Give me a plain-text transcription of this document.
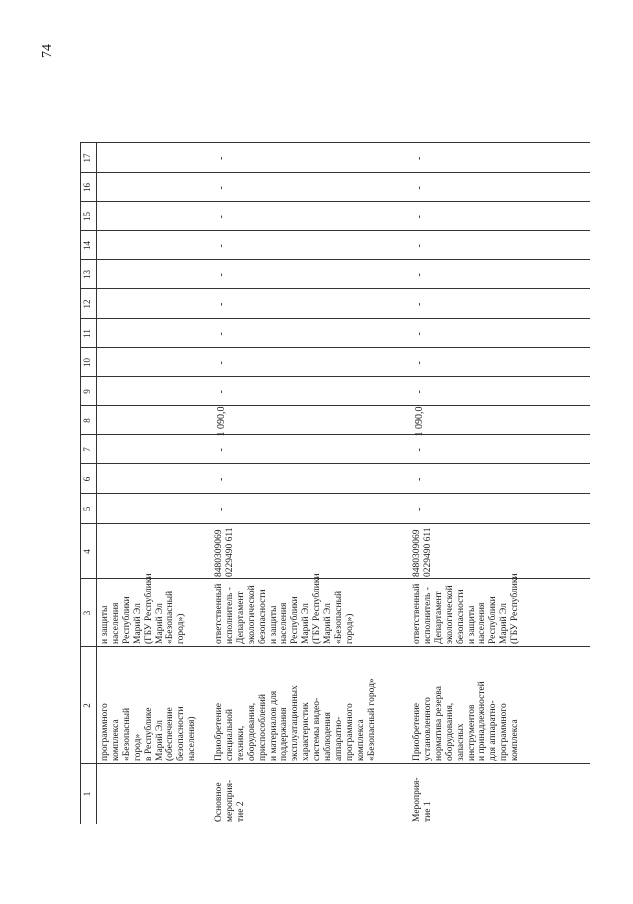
74
1
2
3
4
5
6
7
8
9
10
11
12
13
14
15
16
17
программного комплекса «Безопасный город» в Республике Марий Эл (обеспечение безопасности населения)
и защиты населения Республики Марий Эл (ГБУ Республики Марий Эл «Безопасный город»)
Основное мероприя- тие 2
Приобретение специальной техники, оборудования, приспособлений и материалов для поддержания эксплуатационных характеристик системы видео- наблюдения аппаратно- программного комплекса «Безопасный город»
ответственный исполнитель - Департамент экологической безопасности и защиты населения Республики Марий Эл (ГБУ Республики Марий Эл «Безопасный город»)
8480309069 0229490 611
-
-
-
1 090,0
-
-
-
-
-
-
-
-
-
Мероприя- тие 1
Приобретение установленного норматива резерва оборудования, запасных инструментов и принадлежностей для аппаратно- программного комплекса
ответственный исполнитель - Департамент экологической безопасности и защиты населения Республики Марий Эл (ГБУ Республики
8480309069 0229490 611
-
-
-
1 090,0
-
-
-
-
-
-
-
-
-
